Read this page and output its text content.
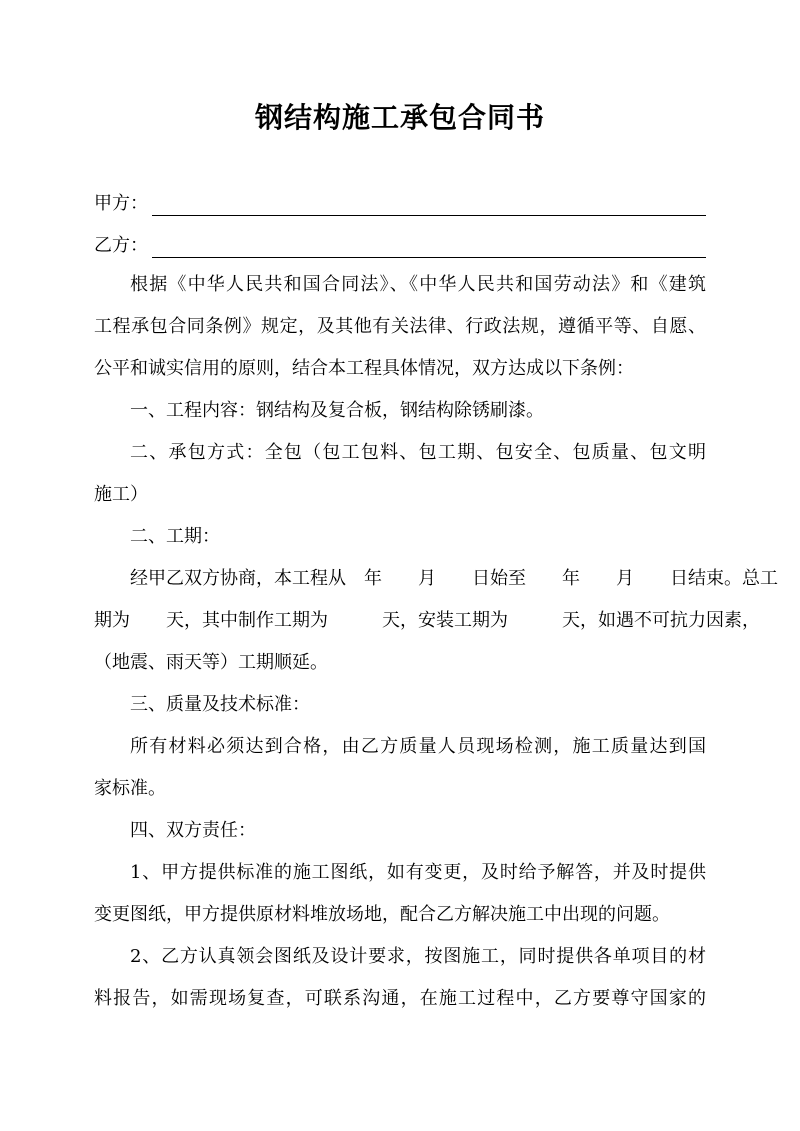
钢结构施工承包合同书
甲方：
乙方：
根据《中华人民共和国合同法》、《中华人民共和国劳动法》和《建筑
工程承包合同条例》规定，及其他有关法律、行政法规，遵循平等、自愿、
公平和诚实信用的原则，结合本工程具体情况，双方达成以下条例：
一、工程内容：钢结构及复合板，钢结构除锈刷漆。
二、承包方式：全包（包工包料、包工期、包安全、包质量、包文明
施工）
二、工期：
经甲乙双方协商，本工程从　年　　月　　日始至　　年　　月　　日结束。总工
期为　　天，其中制作工期为　　　天，安装工期为　　　天，如遇不可抗力因素，
（地震、雨天等）工期顺延。
三、质量及技术标准：
所有材料必须达到合格，由乙方质量人员现场检测，施工质量达到国
家标准。
四、双方责任：
1、甲方提供标准的施工图纸，如有变更，及时给予解答，并及时提供
变更图纸，甲方提供原材料堆放场地，配合乙方解决施工中出现的问题。
2、乙方认真领会图纸及设计要求，按图施工，同时提供各单项目的材
料报告，如需现场复查，可联系沟通，在施工过程中，乙方要尊守国家的
